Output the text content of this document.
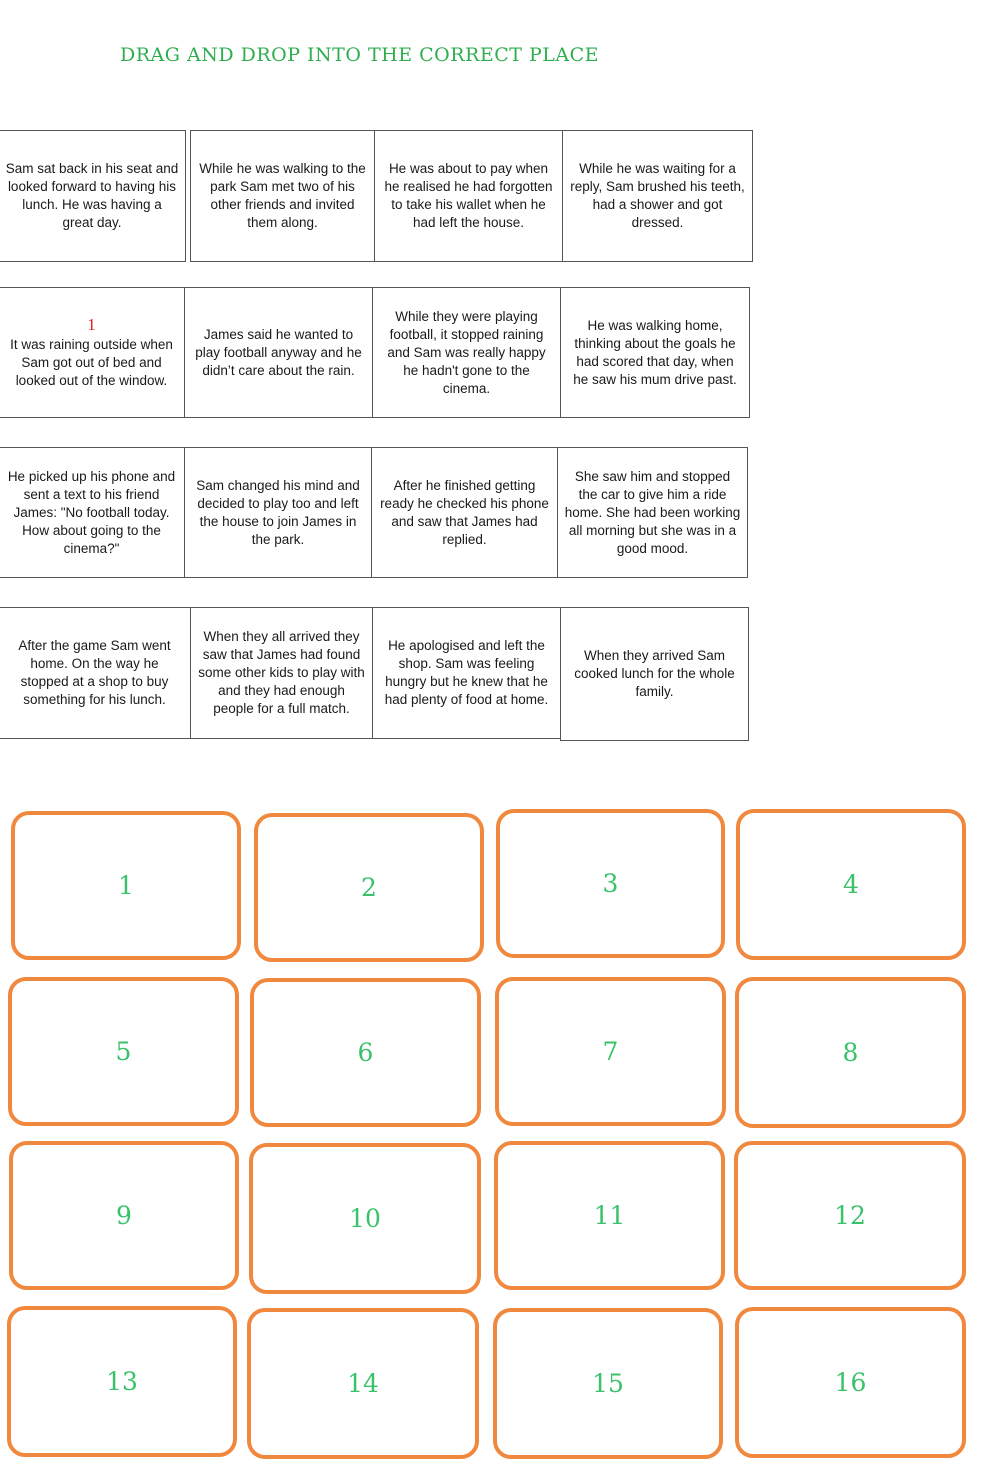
DRAG AND DROP INTO THE CORRECT PLACE
Sam sat back in his seat and looked forward to having his lunch. He was having a great day.
While he was walking to the park Sam met two of his other friends and invited them along.
He was about to pay when he realised he had forgotten to take his wallet when he had left the house.
While he was waiting for a reply, Sam brushed his teeth, had a shower and got dressed.
1
It was raining outside when Sam got out of bed and looked out of the window.
James said he wanted to play football anyway and he didn’t care about the rain.
While they were playing football, it stopped raining and Sam was really happy he hadn't gone to the cinema.
He was walking home, thinking about the goals he had scored that day, when he saw his mum drive past.
He picked up his phone and sent a text to his friend James: "No football today. How about going to the cinema?"
Sam changed his mind and decided to play too and left the house to join James in the park.
After he finished getting ready he checked his phone and saw that James had replied.
She saw him and stopped the car to give him a ride home. She had been working all morning but she was in a good mood.
After the game Sam went home. On the way he stopped at a shop to buy something for his lunch.
When they all arrived they saw that James had found some other kids to play with and they had enough people for a full match.
He apologised and left the shop. Sam was feeling hungry but he knew that he had plenty of food at home.
When they arrived Sam cooked lunch for the whole family.
1	2	3	4
5	6	7	8
9	10	11	12
13	14	15	16
